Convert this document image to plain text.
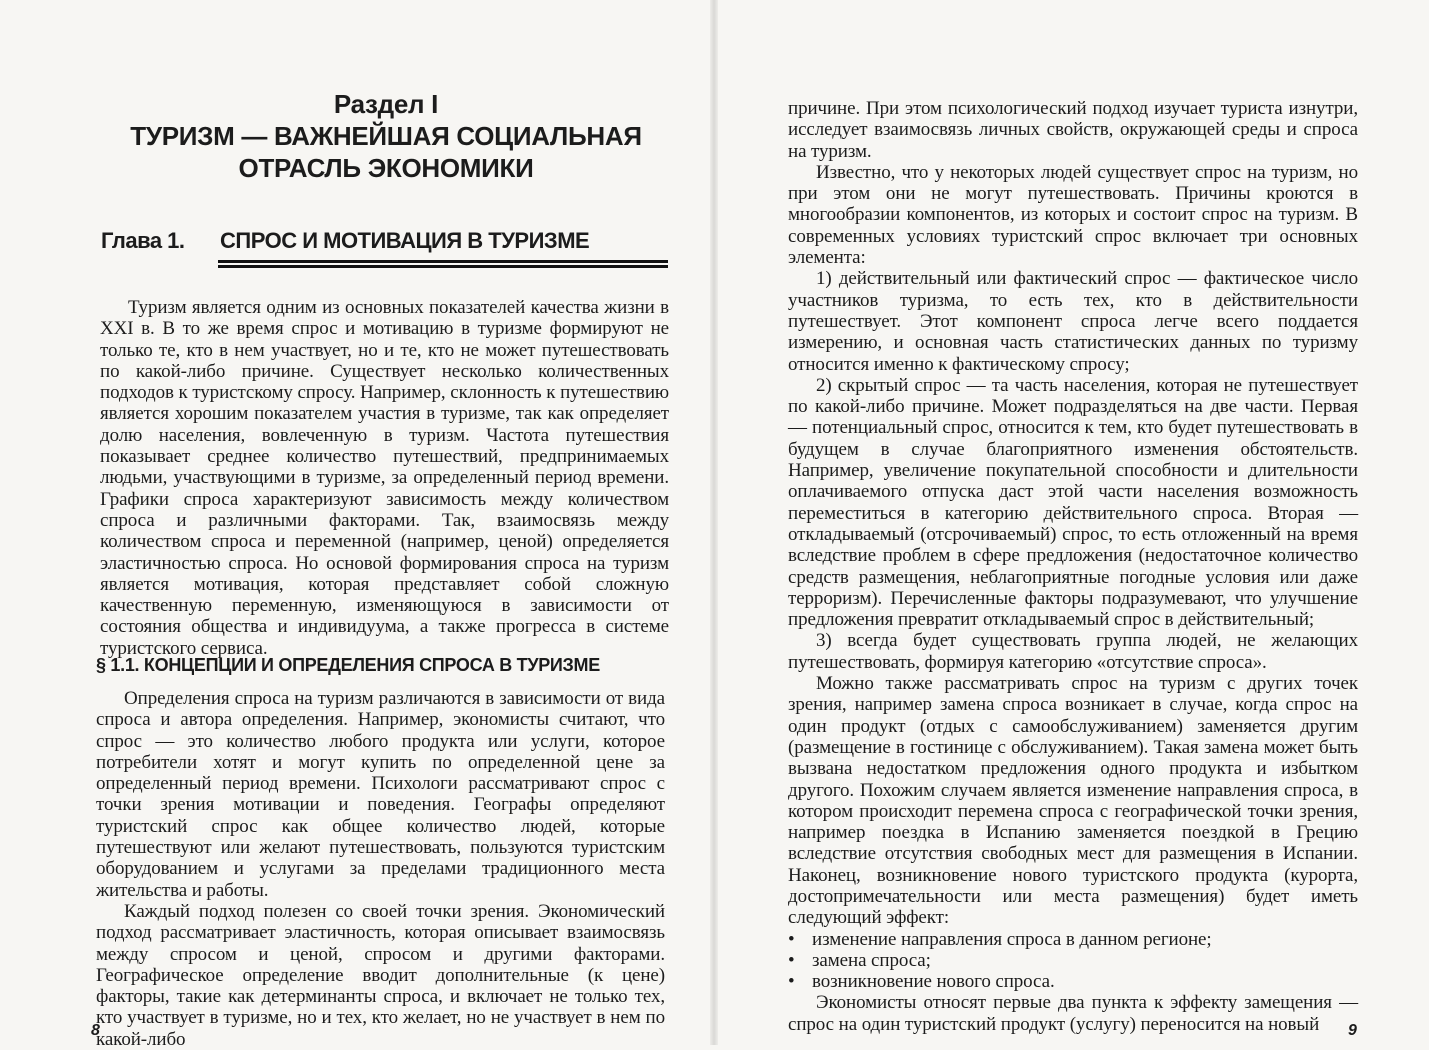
Раздел I
ТУРИЗМ — ВАЖНЕЙШАЯ СОЦИАЛЬНАЯ
ОТРАСЛЬ ЭКОНОМИКИ
Глава 1. СПРОС И МОТИВАЦИЯ В ТУРИЗМЕ

Туризм является одним из основных показателей качества жизни в XXI в. В то же время спрос и мотивацию в туризме формируют не только те, кто в нем участвует, но и те, кто не может путешествовать по какой-либо причине. Существует несколько количественных подходов к туристскому спросу. Например, склонность к путешествию является хорошим показателем участия в туризме, так как определяет долю населения, вовлеченную в туризм. Частота путешествия показывает среднее количество путешествий, предпринимаемых людьми, участвующими в туризме, за определенный период времени. Графики спроса характеризуют зависимость между количеством спроса и различными факторами. Так, взаимосвязь между количеством спроса и переменной (например, ценой) определяется эластичностью спроса. Но основой формирования спроса на туризм является мотивация, которая представляет собой сложную качественную переменную, изменяющуюся в зависимости от состояния общества и индивидуума, а также прогресса в системе туристского сервиса.

§ 1.1. КОНЦЕПЦИИ И ОПРЕДЕЛЕНИЯ СПРОСА В ТУРИЗМЕ

Определения спроса на туризм различаются в зависимости от вида спроса и автора определения. Например, экономисты считают, что спрос — это количество любого продукта или услуги, которое потребители хотят и могут купить по определенной цене за определенный период времени. Психологи рассматривают спрос с точки зрения мотивации и поведения. Географы определяют туристский спрос как общее количество людей, которые путешествуют или желают путешествовать, пользуются туристским оборудованием и услугами за пределами традиционного места жительства и работы.

Каждый подход полезен со своей точки зрения. Экономический подход рассматривает эластичность, которая описывает взаимосвязь между спросом и ценой, спросом и другими факторами. Географическое определение вводит дополнительные (к цене) факторы, такие как детерминанты спроса, и включает не только тех, кто участвует в туризме, но и тех, кто желает, но не участвует в нем по какой-либо

8

причине. При этом психологический подход изучает туриста изнутри, исследует взаимосвязь личных свойств, окружающей среды и спроса на туризм.

Известно, что у некоторых людей существует спрос на туризм, но при этом они не могут путешествовать. Причины кроются в многообразии компонентов, из которых и состоит спрос на туризм. В современных условиях туристский спрос включает три основных элемента:

1) действительный или фактический спрос — фактическое число участников туризма, то есть тех, кто в действительности путешествует. Этот компонент спроса легче всего поддается измерению, и основная часть статистических данных по туризму относится именно к фактическому спросу;

2) скрытый спрос — та часть населения, которая не путешествует по какой-либо причине. Может подразделяться на две части. Первая — потенциальный спрос, относится к тем, кто будет путешествовать в будущем в случае благоприятного изменения обстоятельств. Например, увеличение покупательной способности и длительности оплачиваемого отпуска даст этой части населения возможность переместиться в категорию действительного спроса. Вторая — откладываемый (отсрочиваемый) спрос, то есть отложенный на время вследствие проблем в сфере предложения (недостаточное количество средств размещения, неблагоприятные погодные условия или даже терроризм). Перечисленные факторы подразумевают, что улучшение предложения превратит откладываемый спрос в действительный;

3) всегда будет существовать группа людей, не желающих путешествовать, формируя категорию «отсутствие спроса».

Можно также рассматривать спрос на туризм с других точек зрения, например замена спроса возникает в случае, когда спрос на один продукт (отдых с самообслуживанием) заменяется другим (размещение в гостинице с обслуживанием). Такая замена может быть вызвана недостатком предложения одного продукта и избытком другого. Похожим случаем является изменение направления спроса, в котором происходит перемена спроса с географической точки зрения, например поездка в Испанию заменяется поездкой в Грецию вследствие отсутствия свободных мест для размещения в Испании. Наконец, возникновение нового туристского продукта (курорта, достопримечательности или места размещения) будет иметь следующий эффект:

• изменение направления спроса в данном регионе;
• замена спроса;
• возникновение нового спроса.

Экономисты относят первые два пункта к эффекту замещения — спрос на один туристский продукт (услугу) переносится на новый	9
